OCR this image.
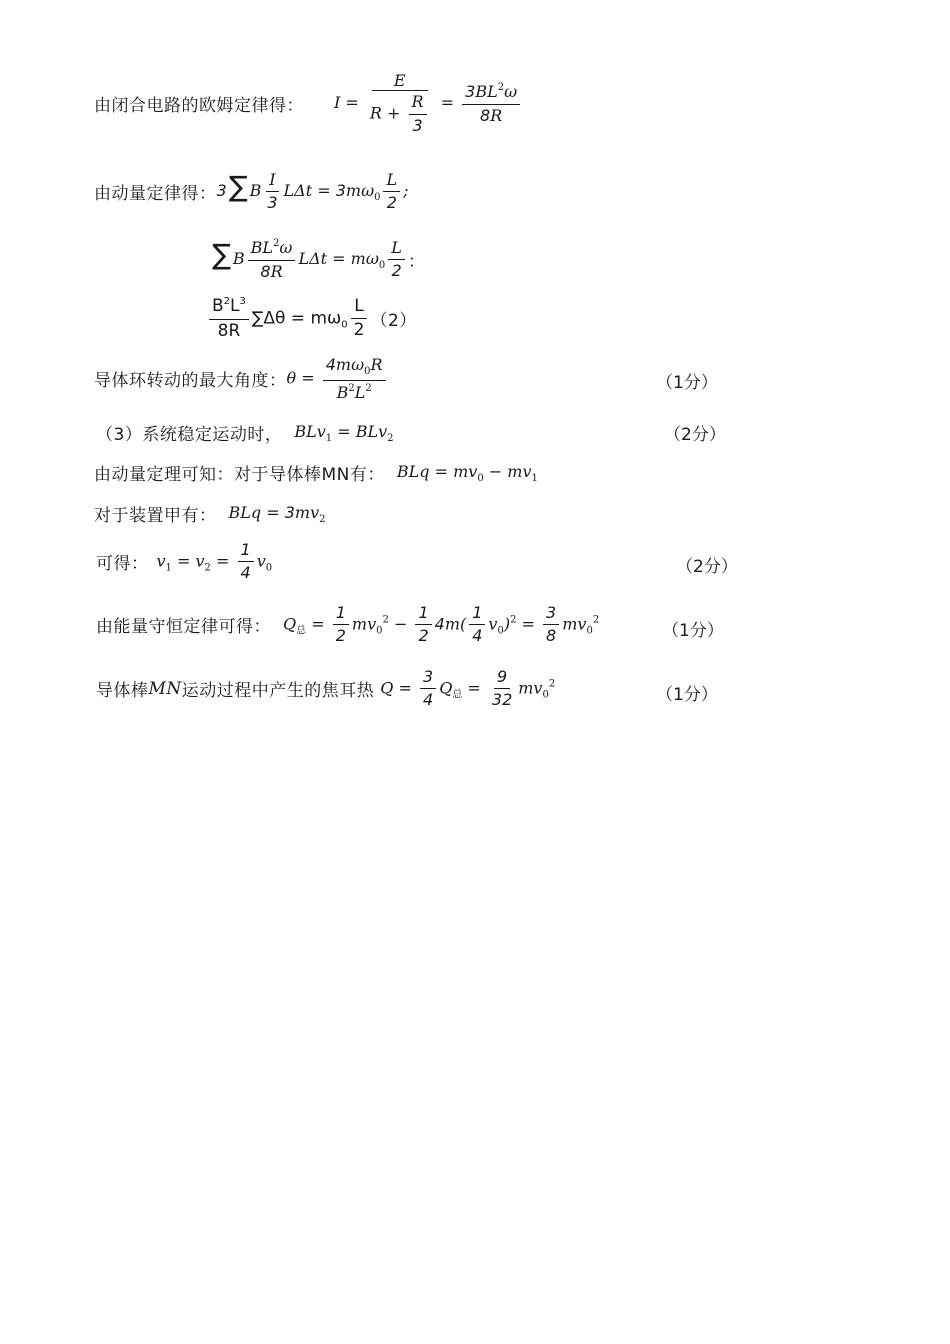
由闭合电路的欧姆定律得： $I = \frac{E}{R + \frac{R}{3}} = \frac{3BL^2\omega}{8R}$
由动量定律得： 3∑ B $\frac{I}{3}$ $L\Delta t = 3m\omega_0 \frac{L}{2}$ ;
∑ B $\frac{BL^2\omega}{8R}$ $L\Delta t = m\omega_0 \frac{L}{2}$ ：
$\frac{B^2L^3}{8R} \sum\Delta\theta = m\omega_0 \frac{L}{2} (2)$
导体环转动的最大角度： $\theta = \frac{4m\omega_0R}{B^2L^2}$	（1分）
（3）系统稳定运动时， BLv$_1$ = BLv$_2$	（2分）
由动量定理可知：对于导体棒MN有： BLq = $mv_0 - mv_1$
对于装置甲有： BLq = $3mv_2$
可得： $v_1 = v_2 = \frac{1}{4} v_0$	（2分）
由能量守恒定律可得： $Q_总 = \frac{1}{2} mv_0^2 - \frac{1}{2} 4m( \frac{1}{4} v_0)^2 = \frac{3}{8} mv_0^2$
（1分）
导体棒 MN 运动过程中产生的焦耳热 $Q = \frac{3}{4} Q_总 = \frac{9}{32} mv_0^2$
（1分）
